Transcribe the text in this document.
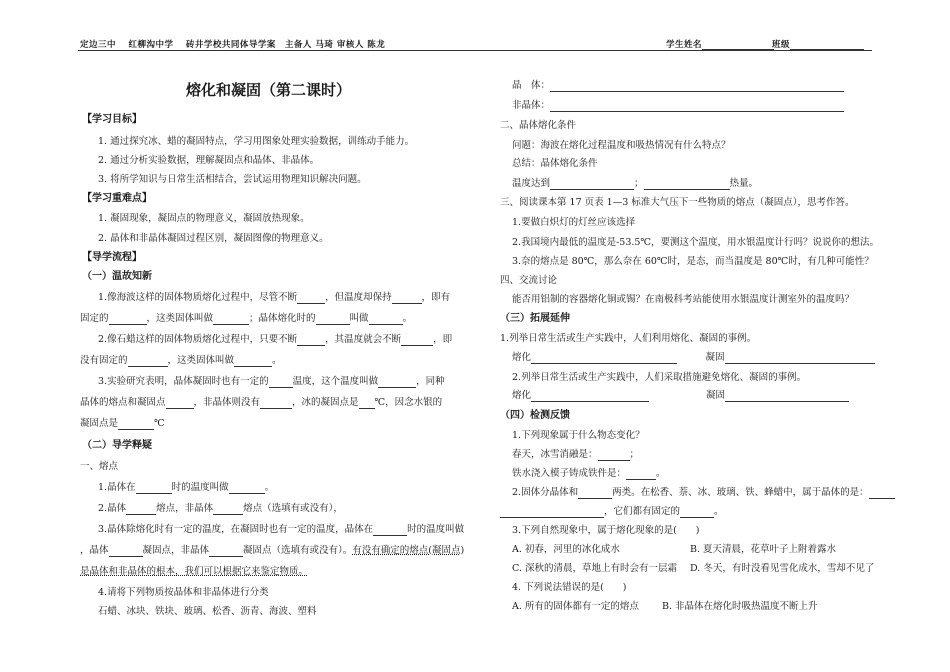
定边三中　 红柳沟中学　 砖井学校共同体导学案　主备人 马琦 审核人 陈龙	学生姓名	班级
熔化和凝固（第二课时）
【学习目标】
1. 通过探究冰、蜡的凝固特点，学习用图象处理实验数据，训练动手能力。
2. 通过分析实验数据，理解凝固点和晶体、非晶体。
3. 将所学知识与日常生活相结合，尝试运用物理知识解决问题。
【学习重难点】
1. 凝固现象，凝固点的物理意义，凝固放热现象。
2. 晶体和非晶体凝固过程区别，凝固图像的物理意义。
【导学流程】
（一）温故知新
1.像海波这样的固体物质熔化过程中，尽管不断	，但温度却保持	，即有
固定的	，这类固体叫做	；晶体熔化时的	叫做	。
2.像石蜡这样的固体物质熔化过程中，只要不断	，其温度就会不断	，即
没有固定的	，这类固体叫做	。
3.实验研究表明，晶体凝固时也有一定的	温度，这个温度叫做	，同种
晶体的熔点和凝固点	，非晶体则没有	，冰的凝固点是 ℃，因念水银的
凝固点是	℃
（二）导学释疑
一、熔点
1.晶体在	时的温度叫做	。
2.晶体	熔点，非晶体	熔点（选填有或没有），
3.晶体除熔化时有一定的温度，在凝固时也有一定的温度，晶体在	时的温度叫做
，晶体	凝固点，非晶体	凝固点（选填有或没有）。有没有确定的熔点(凝固点)
是晶体和非晶体的根本，我们可以根据它来鉴定物质。
4.请将下列物质按晶体和非晶体进行分类
石蜡、冰块、铁块、玻璃、松香、沥青、海波、塑料
晶　体：
非晶体：
二、晶体熔化条件
问题：海波在熔化过程温度和吸热情况有什么特点？
总结：晶体熔化条件
温度达到	；	热量。
三、阅读课本第 17 页表 1—3 标准大气压下一些物质的熔点（凝固点），思考作答。
1.要做白炽灯的灯丝应该选择
2.我国境内最低的温度是-53.5℃，要测这个温度，用水银温度计行吗？说说你的想法。
3.奈的熔点是 80℃，那么奈在 60℃时，是态，而当温度是 80℃时，有几种可能性？
四、交流讨论
能否用铝制的容器熔化铜或锡？在南极科考站能使用水银温度计测室外的温度吗？
（三）拓展延伸
1.列举日常生活或生产实践中，人们利用熔化、凝固的事例。
熔化　　　	凝固
2.列举日常生活或生产实践中，人们采取措施避免熔化、凝固的事例。
熔化　　　　　　	凝固
（四）检测反馈
1.下列现象属于什么物态变化？
春天，冰雪消融是：	；
铁水浇入模子铸成铁件是：	。
2.固体分晶体和	两类。在松香、萘、冰、玻璃、铁、蜂蜡中，属于晶体的是：
，它们都有固定的	。
3.下列自然现象中，属于熔化现象的是(　　)
A. 初春，河里的冰化成水	B. 夏天清晨，花草叶子上附着露水
C. 深秋的清晨，草地上有时会有一层霜 D. 冬天，有时没看见雪化成水，雪却不见了
4. 下列说法错误的是(　　)
A. 所有的固体都有一定的熔点 B. 非晶体在熔化时吸热温度不断上升
